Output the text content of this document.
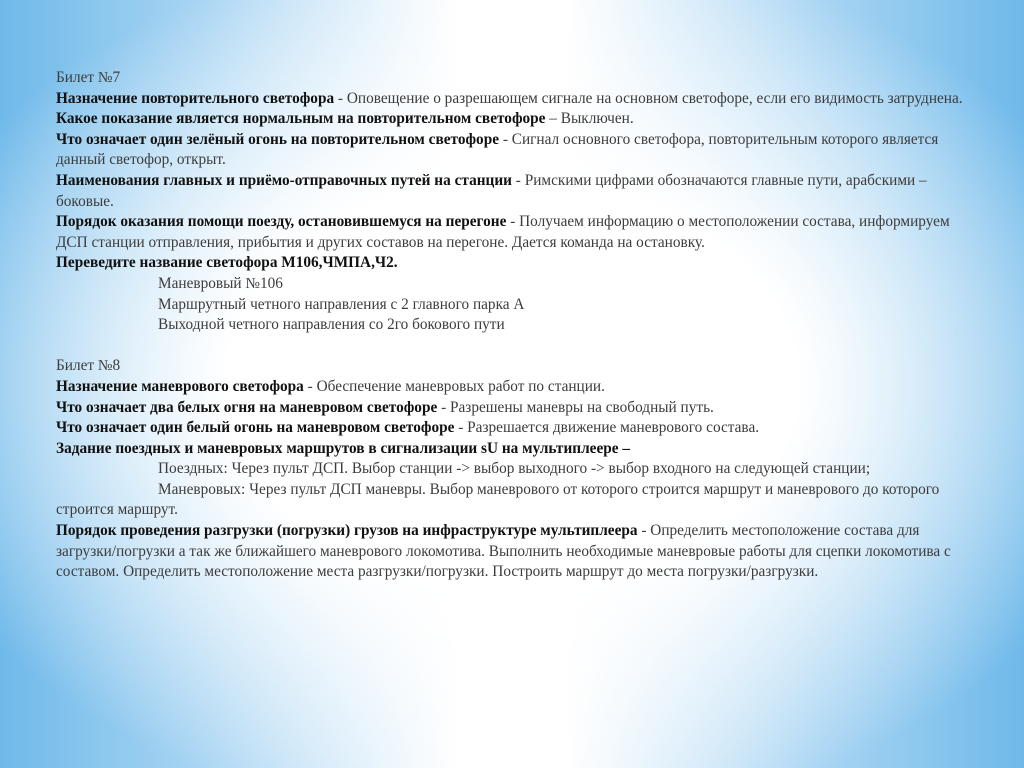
Билет №7

Назначение повторительного светофора - Оповещение о разрешающем сигнале на основном светофоре, если его видимость затруднена.

Какое показание является нормальным на повторительном светофоре – Выключен.

Что означает один зелёный огонь на повторительном светофоре - Сигнал основного светофора, повторительным которого является данный светофор, открыт.

Наименования главных и приёмо-отправочных путей на станции - Римскими цифрами обозначаются главные пути, арабскими – боковые.

Порядок оказания помощи поезду, остановившемуся на перегоне - Получаем информацию о местоположении состава, информируем ДСП станции отправления, прибытия и других составов на перегоне. Дается команда на остановку.

Переведите название светофора М106,ЧМПА,Ч2.

Маневровый №106

Маршрутный четного направления с 2 главного парка А

Выходной четного направления со 2го бокового пути

Билет №8

Назначение маневрового светофора - Обеспечение маневровых работ по станции.

Что означает два белых огня на маневровом светофоре - Разрешены маневры на свободный путь.

Что означает один белый огонь на маневровом светофоре - Разрешается движение маневрового состава.

Задание поездных и маневровых маршрутов в сигнализации sU на мультиплеере –

Поездных: Через пульт ДСП. Выбор станции -> выбор выходного -> выбор входного на следующей станции;

Маневровых: Через пульт ДСП маневры. Выбор маневрового от которого строится маршрут и маневрового до которого строится маршрут.

Порядок проведения разгрузки (погрузки) грузов на инфраструктуре мультиплеера - Определить местоположение состава для загрузки/погрузки а так же ближайшего маневрового локомотива. Выполнить необходимые маневровые работы для сцепки локомотива с составом. Определить местоположение места разгрузки/погрузки. Построить маршрут до места погрузки/разгрузки.
